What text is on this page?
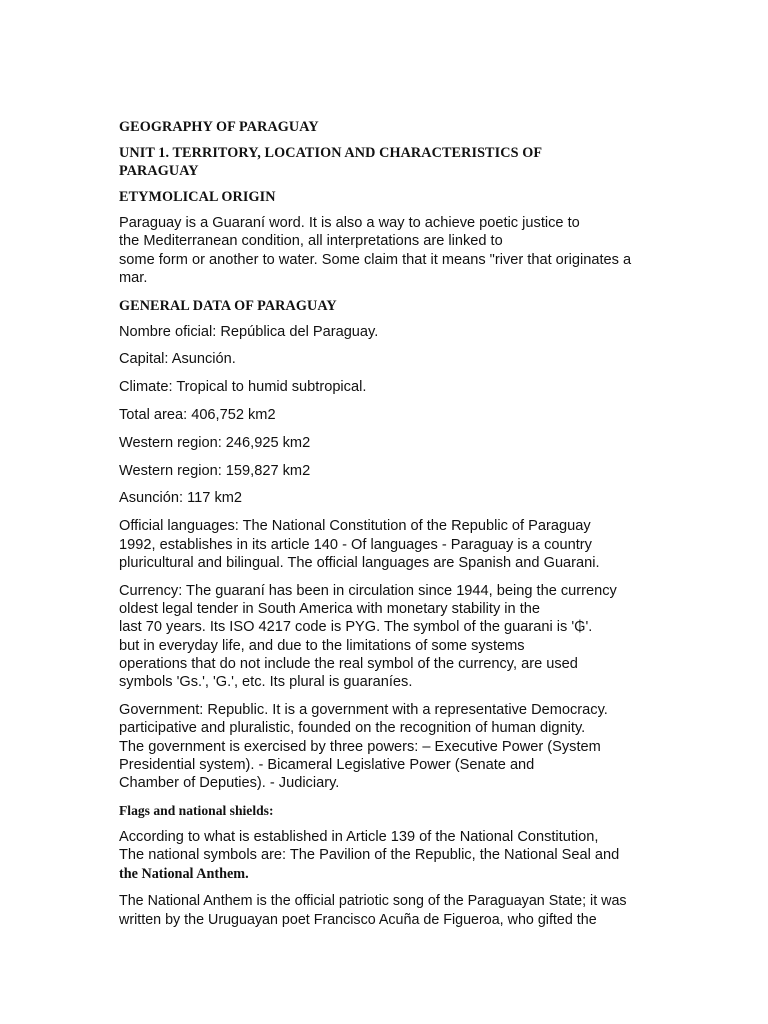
GEOGRAPHY OF PARAGUAY
UNIT 1. TERRITORY, LOCATION AND CHARACTERISTICS OF
PARAGUAY
ETYMOLICAL ORIGIN
Paraguay is a Guaraní word. It is also a way to achieve poetic justice to
the Mediterranean condition, all interpretations are linked to
some form or another to water. Some claim that it means "river that originates a
mar.
GENERAL DATA OF PARAGUAY
Nombre oficial: República del Paraguay.
Capital: Asunción.
Climate: Tropical to humid subtropical.
Total area: 406,752 km2
Western region: 246,925 km2
Western region: 159,827 km2
Asunción: 117 km2
Official languages: The National Constitution of the Republic of Paraguay
1992, establishes in its article 140 - Of languages - Paraguay is a country
pluricultural and bilingual. The official languages are Spanish and Guarani.
Currency: The guaraní has been in circulation since 1944, being the currency
oldest legal tender in South America with monetary stability in the
last 70 years. Its ISO 4217 code is PYG. The symbol of the guarani is '₲'.
but in everyday life, and due to the limitations of some systems
operations that do not include the real symbol of the currency, are used
symbols 'Gs.', 'G.', etc. Its plural is guaraníes.
Government: Republic. It is a government with a representative Democracy.
participative and pluralistic, founded on the recognition of human dignity.
The government is exercised by three powers: – Executive Power (System
Presidential system). - Bicameral Legislative Power (Senate and
Chamber of Deputies). - Judiciary.
Flags and national shields:
According to what is established in Article 139 of the National Constitution,
The national symbols are: The Pavilion of the Republic, the National Seal and
the National Anthem.
The National Anthem is the official patriotic song of the Paraguayan State; it was
written by the Uruguayan poet Francisco Acuña de Figueroa, who gifted the
